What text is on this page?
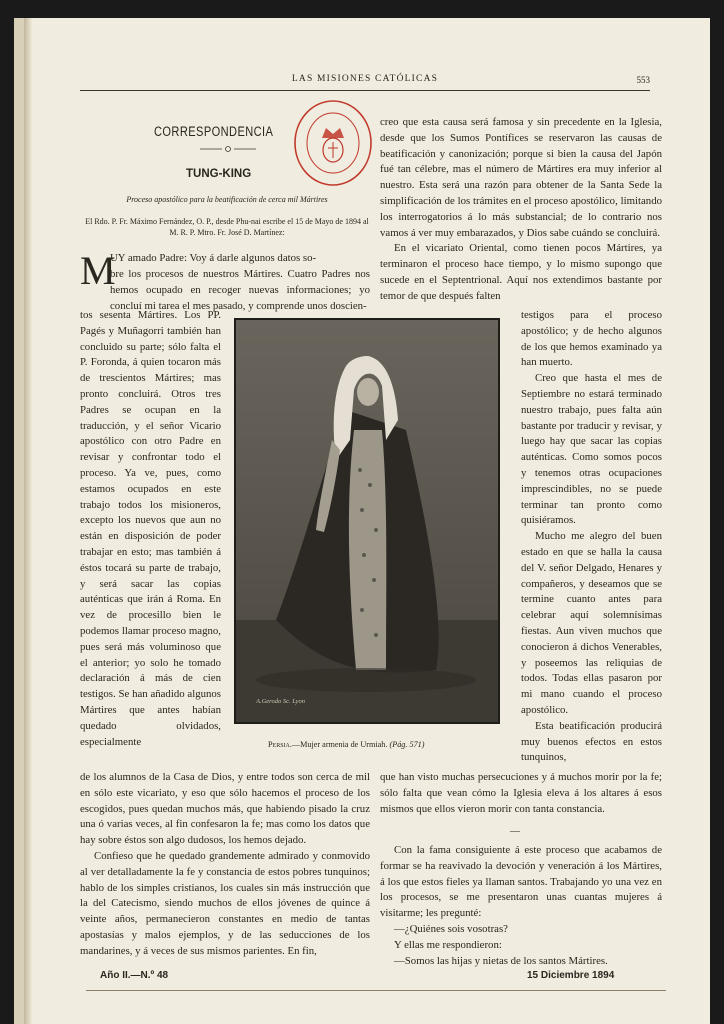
LAS MISIONES CATÓLICAS	553
CORRESPONDENCIA
TUNG-KING
Proceso apostólico para la beatificación de cerca mil Mártires
El Rdo. P. Fr. Máximo Fernández, O. P., desde Phu-nai escribe el 15 de Mayo de 1894 al M. R. P. Mtro. Fr. José D. Martínez:
M
UY amado Padre: Voy á darle algunos datos so-
bre los procesos de nuestros Mártires. Cuatro Padres nos hemos ocupado en recoger nuevas informaciones; yo concluí mi tarea el mes pasado, y comprende unos doscien-
tos sesenta Mártires. Los PP. Pagés y Muñagorri también han concluido su parte; sólo falta el P. Foronda, á quien tocaron más de trescientos Mártires; mas pronto concluirá. Otros tres Padres se ocupan en la traducción, y el señor Vicario apostólico con otro Padre en revisar y confrontar todo el proceso. Ya ve, pues, como estamos ocupados en este trabajo todos los misioneros, excepto los nuevos que aun no están en disposición de poder trabajar en esto; mas también á éstos tocará su parte de trabajo, y será sacar las copias auténticas que irán á Roma. En vez de procesillo bien le podemos llamar proceso magno, pues será más voluminoso que el anterior; yo solo he tomado declaración á más de cien testigos. Se han añadido algunos Mártires que antes habían quedado olvidados, especialmente

de los alumnos de la Casa de Dios, y entre todos son cerca de mil en sólo este vicariato, y eso que sólo hacemos el proceso de los escogidos, pues quedan muchos más, que habiendo pisado la cruz una ó varias veces, al fin confesaron la fe; mas como los datos que hay sobre éstos son algo dudosos, los hemos dejado.

Confieso que he quedado grandemente admirado y conmovido al ver detalladamente la fe y constancia de estos pobres tunquinos; hablo de los simples cristianos, los cuales sin más instrucción que la del Catecismo, siendo muchos de ellos jóvenes de quince á veinte años, permanecieron constantes en medio de tantas apostasías y malos ejemplos, y de las seducciones de los mandarines, y á veces de sus mismos parientes. En fin,

creo que esta causa será famosa y sin precedente en la Iglesia, desde que los Sumos Pontífices se reservaron las causas de beatificación y canonización; porque si bien la causa del Japón fué tan célebre, mas el número de Mártires era muy inferior al nuestro. Esta será una razón para obtener de la Santa Sede la simplificación de los trámites en el proceso apostólico, limitando los interrogatorios á lo más substancial; de lo contrario nos vamos á ver muy embarazados, y Dios sabe cuándo se concluirá.

En el vicariato Oriental, como tienen pocos Mártires, ya terminaron el proceso hace tiempo, y lo mismo supongo que sucede en el Septentrional. Aquí nos extendimos bastante por temor de que después falten

testigos para el proceso apostólico; y de hecho algunos de los que hemos examinado ya han muerto.

Creo que hasta el mes de Septiembre no estará terminado nuestro trabajo, pues falta aún bastante por traducir y revisar, y luego hay que sacar las copias auténticas. Como somos pocos y tenemos otras ocupaciones imprescindibles, no se puede terminar tan pronto como quisiéramos.

Mucho me alegro del buen estado en que se halla la causa del V. señor Delgado, Henares y compañeros, y deseamos que se termine cuanto antes para celebrar aquí solemnísimas fiestas. Aun viven muchos que conocieron á dichos Venerables, y poseemos las reliquias de todos. Todas ellas pasaron por mi mano cuando el proceso apostólico.

Esta beatificación producirá muy buenos efectos en estos tunquinos,

que han visto muchas persecuciones y á muchos morir por la fe; sólo falta que vean cómo la Iglesia eleva á los altares á esos mismos que ellos vieron morir con tanta constancia.
—

Con la fama consiguiente á este proceso que acabamos de formar se ha reavivado la devoción y veneración á los Mártires, á los que estos fieles ya llaman santos. Trabajando yo una vez en los procesos, se me presentaron unas cuantas mujeres á visitarme; les pregunté:

—¿Quiénes sois vosotras?

Y ellas me respondieron:

—Somos las hijas y nietas de los santos Mártires.

A.Gerodo Sc. Lyon
Persia.—Mujer armenia de Urmiah. (Pág. 571)
Año II.—N.º 48	15 Diciembre 1894
